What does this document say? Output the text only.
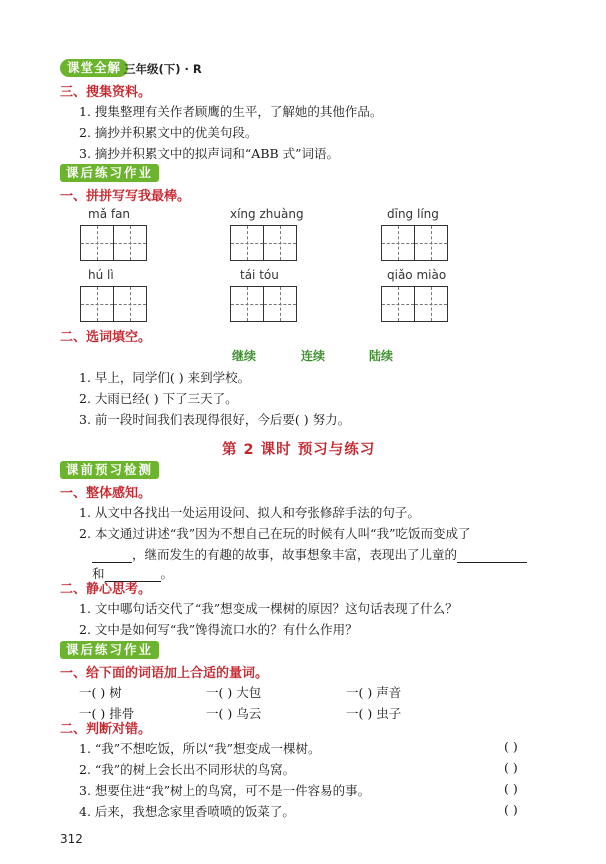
课堂全解 三年级(下) · R
三、搜集资料。
1. 搜集整理有关作者顾鹰的生平，了解她的其他作品。
2. 摘抄并积累文中的优美句段。
3. 摘抄并积累文中的拟声词和“ABB 式”词语。
课后练习作业
一、拼拼写写我最棒。
mǎ fan	xíng zhuàng	dīng líng
hú lì	tái tóu	qiǎo miào
二、选词填空。
继续	连续	陆续
1. 早上，同学们( ) 来到学校。
2. 大雨已经( ) 下了三天了。
3. 前一段时间我们表现得很好，今后要( ) 努力。
第 2 课时 预习与练习
课前预习检测
一、整体感知。
1. 从文中各找出一处运用设问、拟人和夸张修辞手法的句子。
2. 本文通过讲述“我”因为不想自己在玩的时候有人叫“我”吃饭而变成了
，继而发生的有趣的故事，故事想象丰富，表现出了儿童的
和	。
二、静心思考。
1. 文中哪句话交代了“我”想变成一棵树的原因？这句话表现了什么？
2. 文中是如何写“我”馋得流口水的？有什么作用？
课后练习作业
一、给下面的词语加上合适的量词。
一( ) 树	一( ) 大包	一( ) 声音
一( ) 排骨	一( ) 乌云	一( ) 虫子
二、判断对错。
1. “我”不想吃饭，所以“我”想变成一棵树。	( )
2. “我”的树上会长出不同形状的鸟窝。	( )
3. 想要住进“我”树上的鸟窝，可不是一件容易的事。	( )
4. 后来，我想念家里香喷喷的饭菜了。	( )
312
